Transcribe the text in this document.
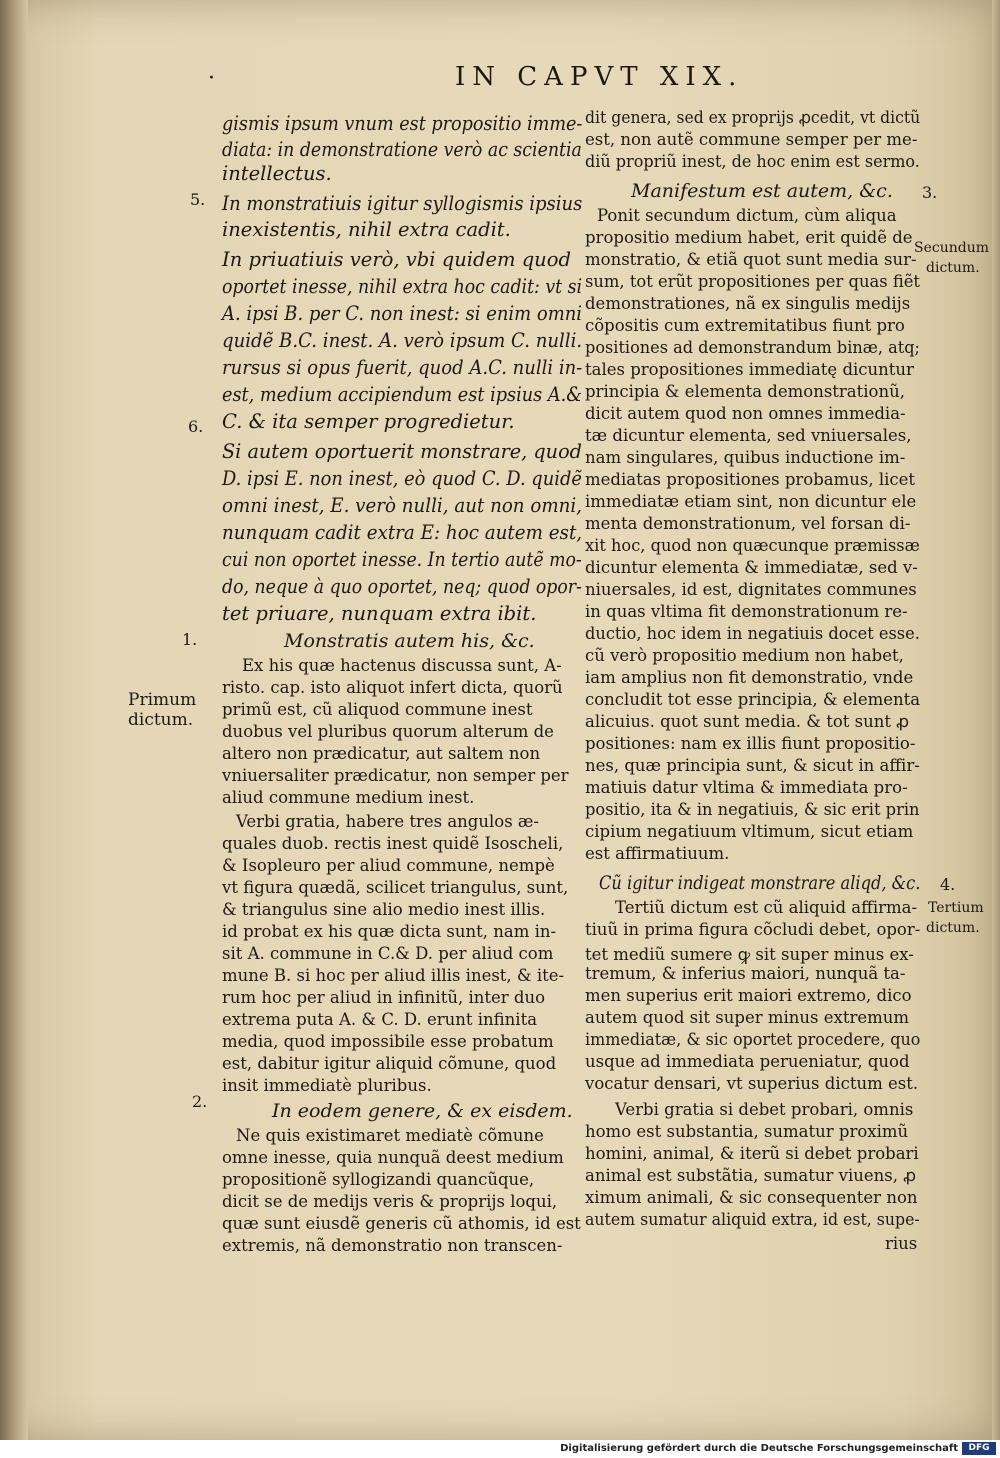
·	IN CAPVT XIX.
gismis ipsum vnum est propositio imme-
diata: in demonstratione verò ac scientia
intellectus.
In monstratiuis igitur syllogismis ipsius
inexistentis, nihil extra cadit.
In priuatiuis verò, vbi quidem quod
oportet inesse, nihil extra hoc cadit: vt si
A. ipsi B. per C. non inest: si enim omni
quidẽ B.C. inest. A. verò ipsum C. nulli.
rursus si opus fuerit, quod A.C. nulli in-
est, medium accipiendum est ipsius A.&
C. & ita semper progredietur.
Si autem oportuerit monstrare, quod
D. ipsi E. non inest, eò quod C. D. quidẽ
omni inest, E. verò nulli, aut non omni,
nunquam cadit extra E: hoc autem est,
cui non oportet inesse. In tertio autẽ mo-
do, neque à quo oportet, neq; quod opor-
tet priuare, nunquam extra ibit.
Monstratis autem his, &c.
Ex his quæ hactenus discussa sunt, A-
risto. cap. isto aliquot infert dicta, quorũ
primũ est, cũ aliquod commune inest
duobus vel pluribus quorum alterum de
altero non prædicatur, aut saltem non
vniuersaliter prædicatur, non semper per
aliud commune medium inest.
Verbi gratia, habere tres angulos æ-
quales duob. rectis inest quidẽ Isoscheli,
& Isopleuro per aliud commune, nempè
vt figura quædã, scilicet triangulus, sunt,
& triangulus sine alio medio inest illis.
id probat ex his quæ dicta sunt, nam in-
sit A. commune in C.& D. per aliud com
mune B. si hoc per aliud illis inest, & ite-
rum hoc per aliud in infinitũ, inter duo
extrema puta A. & C. D. erunt infinita
media, quod impossibile esse probatum
est, dabitur igitur aliquid cõmune, quod
insit immediatè pluribus.
In eodem genere, & ex eisdem.
Ne quis existimaret mediatè cõmune
omne inesse, quia nunquã deest medium
propositionẽ syllogizandi quancũque,
dicit se de medijs veris & proprijs loqui,
quæ sunt eiusdẽ generis cũ athomis, id est
extremis, nã demonstratio non transcen-
dit genera, sed ex proprijs ꝓcedit, vt dictũ
est, non autẽ commune semper per me-
diũ propriũ inest, de hoc enim est sermo.
Manifestum est autem, &c.
Ponit secundum dictum, cùm aliqua
propositio medium habet, erit quidẽ de
monstratio, & etiã quot sunt media sur-
sum, tot erũt propositiones per quas fiẽt
demonstrationes, nã ex singulis medijs
cõpositis cum extremitatibus fiunt pro
positiones ad demonstrandum binæ, atq;
tales propositiones immediatę dicuntur
principia & elementa demonstrationũ,
dicit autem quod non omnes immedia-
tæ dicuntur elementa, sed vniuersales,
nam singulares, quibus inductione im-
mediatas propositiones probamus, licet
immediatæ etiam sint, non dicuntur ele
menta demonstrationum, vel forsan di-
xit hoc, quod non quæcunque præmissæ
dicuntur elementa & immediatæ, sed v-
niuersales, id est, dignitates communes
in quas vltima fit demonstrationum re-
ductio, hoc idem in negatiuis docet esse.
cũ verò propositio medium non habet,
iam amplius non fit demonstratio, vnde
concludit tot esse principia, & elementa
alicuius. quot sunt media. & tot sunt ꝓ
positiones: nam ex illis fiunt propositio-
nes, quæ principia sunt, & sicut in affir-
matiuis datur vltima & immediata pro-
positio, ita & in negatiuis, & sic erit prin
cipium negatiuum vltimum, sicut etiam
est affirmatiuum.
Cũ igitur indigeat monstrare aliqd, &c.
Tertiũ dictum est cũ aliquid affirma-
tiuũ in prima figura cõcludi debet, opor-
tet mediũ sumere ꝙ sit super minus ex-
tremum, & inferius maiori, nunquã ta-
men superius erit maiori extremo, dico
autem quod sit super minus extremum
immediatæ, & sic oportet procedere, quo
usque ad immediata perueniatur, quod
vocatur densari, vt superius dictum est.
Verbi gratia si debet probari, omnis
homo est substantia, sumatur proximũ
homini, animal, & iterũ si debet probari
animal est substãtia, sumatur viuens, ꝓ
ximum animali, & sic consequenter non
autem sumatur aliquid extra, id est, supe-
rius
5.
6.
1.
2.
3.
4.
Primum
dictum.
Secundum
dictum.
Tertium
dictum.
Digitalisierung gefördert durch die Deutsche Forschungsgemeinschaft	DFG
